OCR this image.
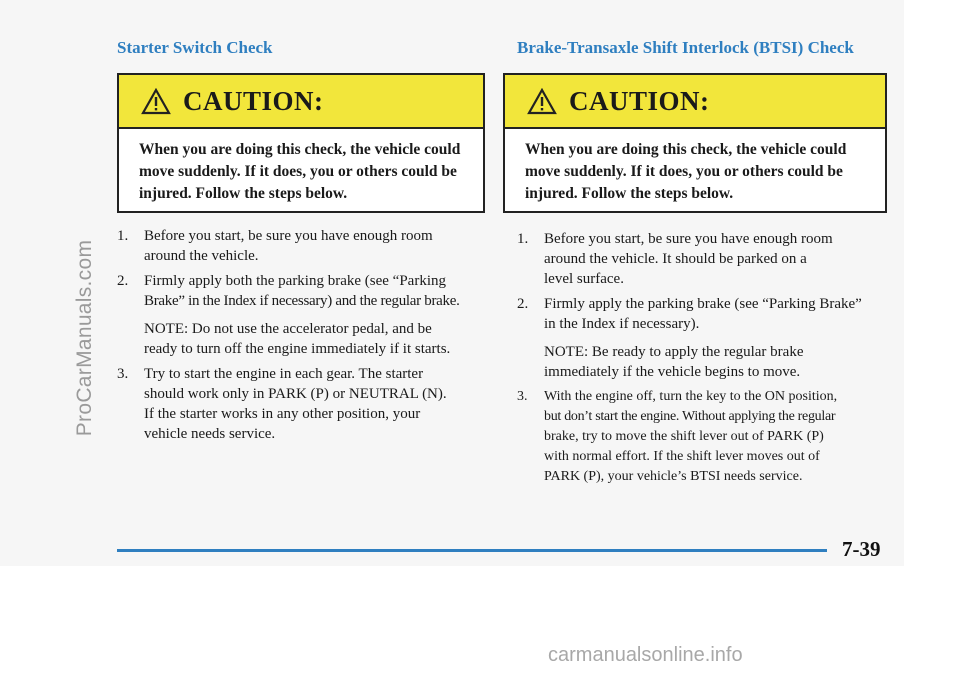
ProCarManuals.com
Starter Switch Check
CAUTION:
When you are doing this check, the vehicle could
move suddenly. If it does, you or others could be
injured. Follow the steps below.
1. Before you start, be sure you have enough room
around the vehicle.
2. Firmly apply both the parking brake (see “Parking
Brake” in the Index if necessary) and the regular brake.
NOTE: Do not use the accelerator pedal, and be
ready to turn off the engine immediately if it starts.
3. Try to start the engine in each gear. The starter
should work only in PARK (P) or NEUTRAL (N).
If the starter works in any other position, your
vehicle needs service.
Brake-Transaxle Shift Interlock (BTSI) Check
CAUTION:
When you are doing this check, the vehicle could
move suddenly. If it does, you or others could be
injured. Follow the steps below.
1. Before you start, be sure you have enough room
around the vehicle. It should be parked on a
level surface.
2. Firmly apply the parking brake (see “Parking Brake”
in the Index if necessary).
NOTE: Be ready to apply the regular brake
immediately if the vehicle begins to move.
3. With the engine off, turn the key to the ON position,
but don’t start the engine. Without applying the regular
brake, try to move the shift lever out of PARK (P)
with normal effort. If the shift lever moves out of
PARK (P), your vehicle’s BTSI needs service.
7-39
carmanualsonline.info
